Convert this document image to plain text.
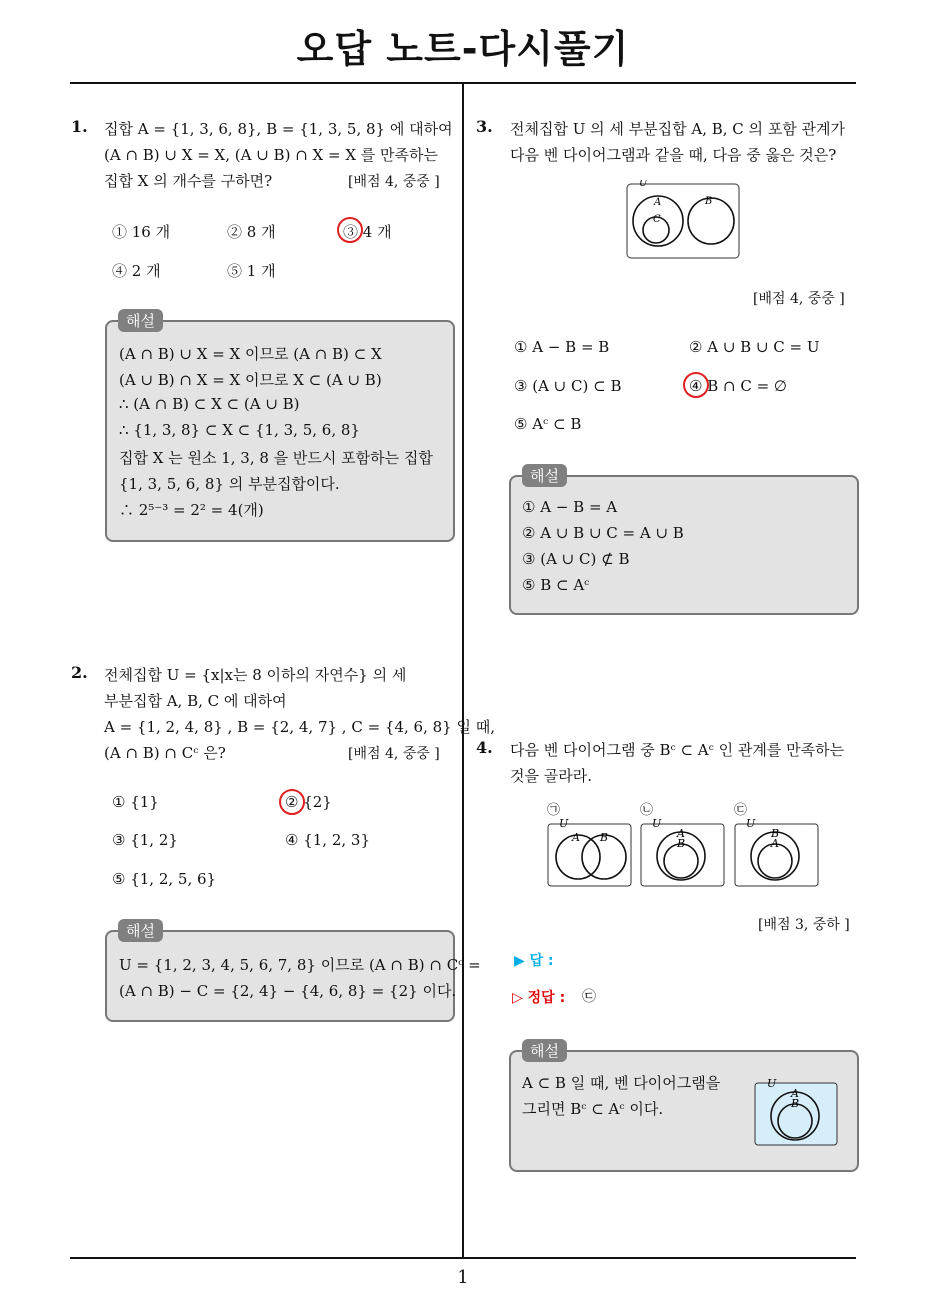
오답 노트-다시풀기
1
1. 집합 A = {1, 3, 6, 8}, B = {1, 3, 5, 8} 에 대하여
(A ∩ B) ∪ X = X, (A ∪ B) ∩ X = X 를 만족하는
집합 X 의 개수를 구하면?	[배점 4, 중중 ]
① 16 개	② 8 개	③ 4 개
④ 2 개	⑤ 1 개
해설
(A ∩ B) ∪ X = X 이므로 (A ∩ B) ⊂ X
(A ∪ B) ∩ X = X 이므로 X ⊂ (A ∪ B)
∴ (A ∩ B) ⊂ X ⊂ (A ∪ B)
∴ {1, 3, 8} ⊂ X ⊂ {1, 3, 5, 6, 8}
집합 X 는 원소 1, 3, 8 을 반드시 포함하는 집합
{1, 3, 5, 6, 8} 의 부분집합이다.
∴ 2⁵⁻³ = 2² = 4(개)
2. 전체집합 U = {x|x는 8 이하의 자연수} 의 세
부분집합 A, B, C 에 대하여
A = {1, 2, 4, 8} , B = {2, 4, 7} , C = {4, 6, 8} 일 때,
(A ∩ B) ∩ Cᶜ 은?	[배점 4, 중중 ]
① {1}	② {2}
③ {1, 2}	④ {1, 2, 3}
⑤ {1, 2, 5, 6}
해설
U = {1, 2, 3, 4, 5, 6, 7, 8} 이므로 (A ∩ B) ∩ Cᶜ =
(A ∩ B) − C = {2, 4} − {4, 6, 8} = {2} 이다.
3. 전체집합 U 의 세 부분집합 A, B, C 의 포함 관계가
다음 벤 다이어그램과 같을 때, 다음 중 옳은 것은?
U
A
C
B
[배점 4, 중중 ]
① A − B = B	② A ∪ B ∪ C = U
③ (A ∪ C) ⊂ B	④ B ∩ C = ∅
⑤ Aᶜ ⊂ B
해설
① A − B = A
② A ∪ B ∪ C = A ∪ B
③ (A ∪ C) ⊄ B
⑤ B ⊂ Aᶜ
4. 다음 벤 다이어그램 중 Bᶜ ⊂ Aᶜ 인 관계를 만족하는
것을 골라라.
㉠
U
A B
㉡
U
A
B
㉢
U
B
A
[배점 3, 중하 ]
▶ 답 :
▷ 정답 : ㉢
해설
A ⊂ B 일 때, 벤 다이어그램을
그리면 Bᶜ ⊂ Aᶜ 이다.
U
A
B
